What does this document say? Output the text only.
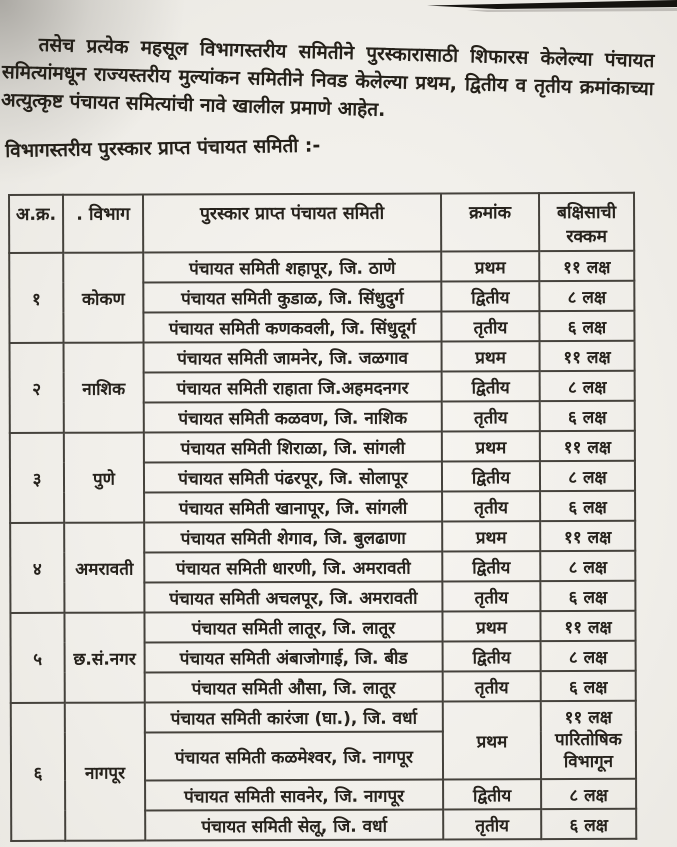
तसेच प्रत्येक महसूल विभागस्तरीय समितीने पुरस्कारासाठी शिफारस केलेल्या पंचायत समित्यांमधून राज्यस्तरीय मुल्यांकन समितीने निवड केलेल्या प्रथम, द्वितीय व तृतीय क्रमांकाच्या अत्युत्कृष्ट पंचायत समित्यांची नावे खालील प्रमाणे आहेत.

विभागस्तरीय पुरस्कार प्राप्त पंचायत समिती :-
अ.क्र.	. विभाग	पुरस्कार प्राप्त पंचायत समिती	क्रमांक	बक्षिसाची रक्कम
१	कोकण	पंचायत समिती शहापूर, जि. ठाणे	प्रथम	११ लक्ष
		पंचायत समिती कुडाळ, जि. सिंधुदुर्ग	द्वितीय	८ लक्ष
		पंचायत समिती कणकवली, जि. सिंधुदूर्ग	तृतीय	६ लक्ष
२	नाशिक	पंचायत समिती जामनेर, जि. जळगाव	प्रथम	११ लक्ष
		पंचायत समिती राहाता जि.अहमदनगर	द्वितीय	८ लक्ष
		पंचायत समिती कळवण, जि. नाशिक	तृतीय	६ लक्ष
३	पुणे	पंचायत समिती शिराळा, जि. सांगली	प्रथम	११ लक्ष
		पंचायत समिती पंढरपूर, जि. सोलापूर	द्वितीय	८ लक्ष
		पंचायत समिती खानापूर, जि. सांगली	तृतीय	६ लक्ष
४	अमरावती	पंचायत समिती शेगाव, जि. बुलढाणा	प्रथम	११ लक्ष
		पंचायत समिती धारणी, जि. अमरावती	द्वितीय	८ लक्ष
		पंचायत समिती अचलपूर, जि. अमरावती	तृतीय	६ लक्ष
५	छ.सं.नगर	पंचायत समिती लातूर, जि. लातूर	प्रथम	११ लक्ष
		पंचायत समिती अंबाजोगाई, जि. बीड	द्वितीय	८ लक्ष
		पंचायत समिती औसा, जि. लातूर	तृतीय	६ लक्ष
६	नागपूर	पंचायत समिती कारंजा (घा.), जि. वर्धा	प्रथम	११ लक्ष पारितोषिक विभागून
		पंचायत समिती कळमेश्वर, जि. नागपूर		
		पंचायत समिती सावनेर, जि. नागपूर	द्वितीय	८ लक्ष
		पंचायत समिती सेलू, जि. वर्धा	तृतीय	६ लक्ष
